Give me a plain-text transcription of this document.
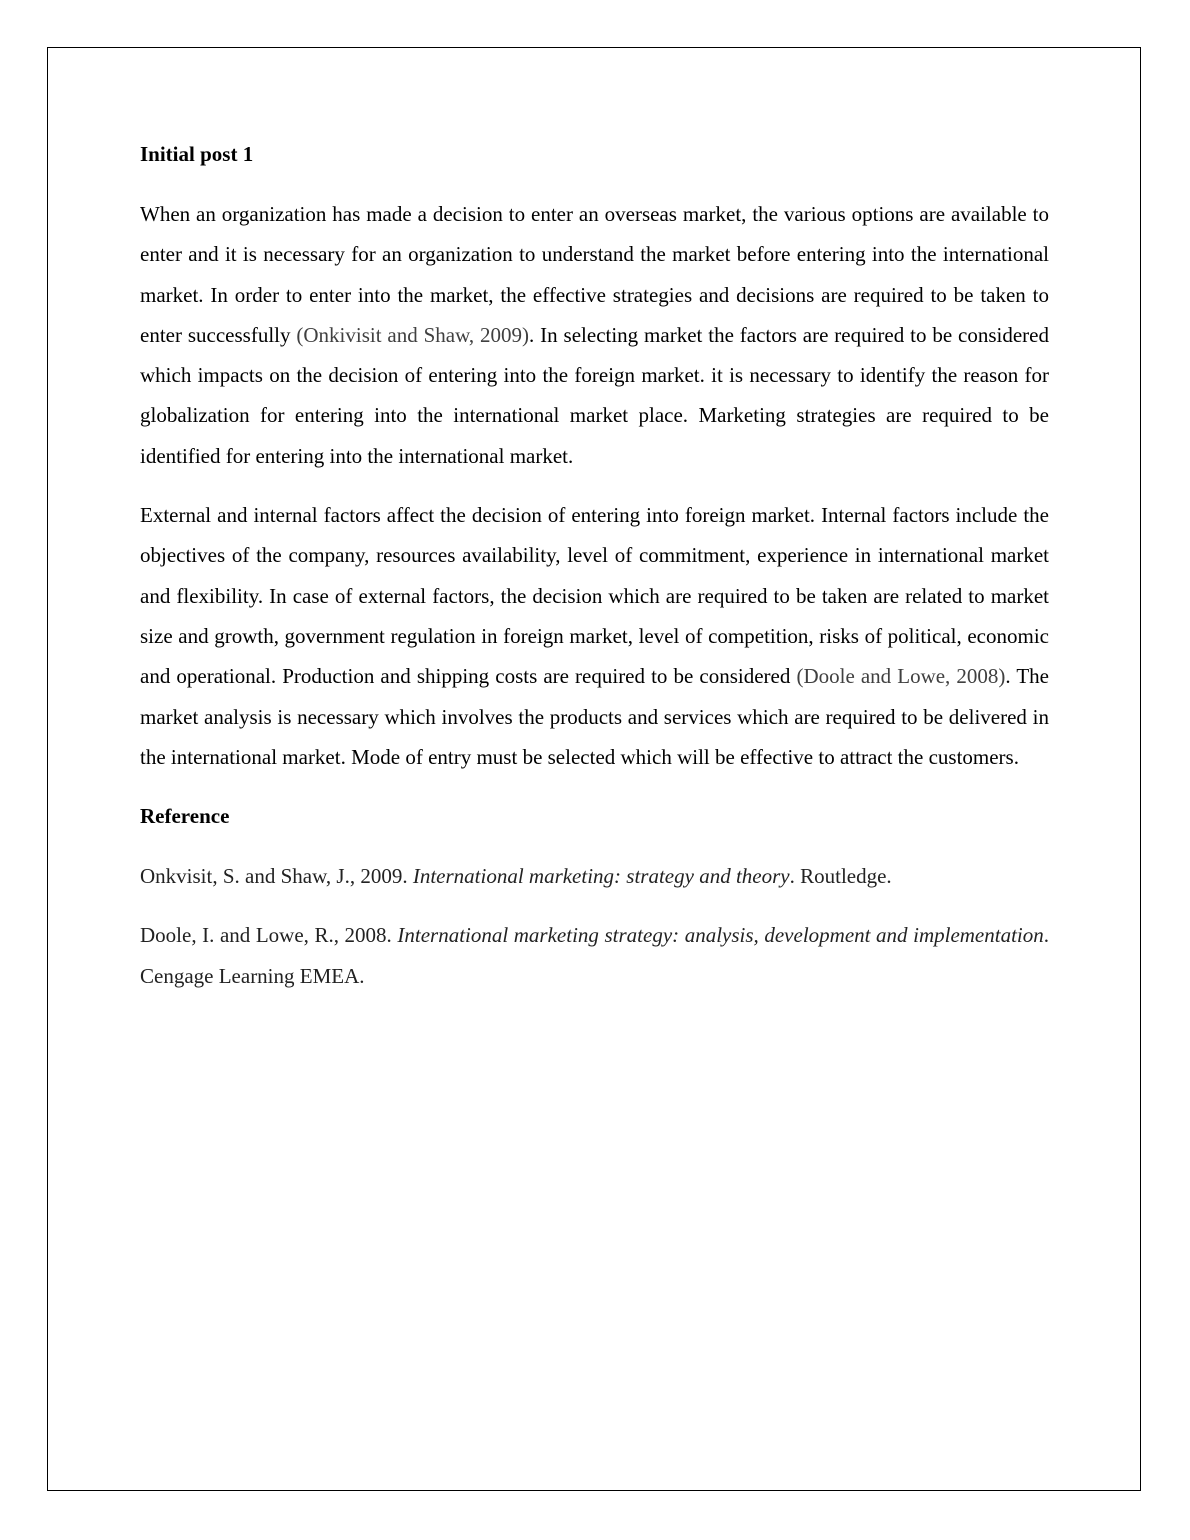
Initial post 1

When an organization has made a decision to enter an overseas market, the various options are available to enter and it is necessary for an organization to understand the market before entering into the international market. In order to enter into the market, the effective strategies and decisions are required to be taken to enter successfully (Onkivisit and Shaw, 2009). In selecting market the factors are required to be considered which impacts on the decision of entering into the foreign market. it is necessary to identify the reason for globalization for entering into the international market place. Marketing strategies are required to be identified for entering into the international market.

External and internal factors affect the decision of entering into foreign market. Internal factors include the objectives of the company, resources availability, level of commitment, experience in international market and flexibility. In case of external factors, the decision which are required to be taken are related to market size and growth, government regulation in foreign market, level of competition, risks of political, economic and operational. Production and shipping costs are required to be considered (Doole and Lowe, 2008). The market analysis is necessary which involves the products and services which are required to be delivered in the international market. Mode of entry must be selected which will be effective to attract the customers.

Reference

Onkvisit, S. and Shaw, J., 2009. International marketing: strategy and theory. Routledge.

Doole, I. and Lowe, R., 2008. International marketing strategy: analysis, development and implementation. Cengage Learning EMEA.
